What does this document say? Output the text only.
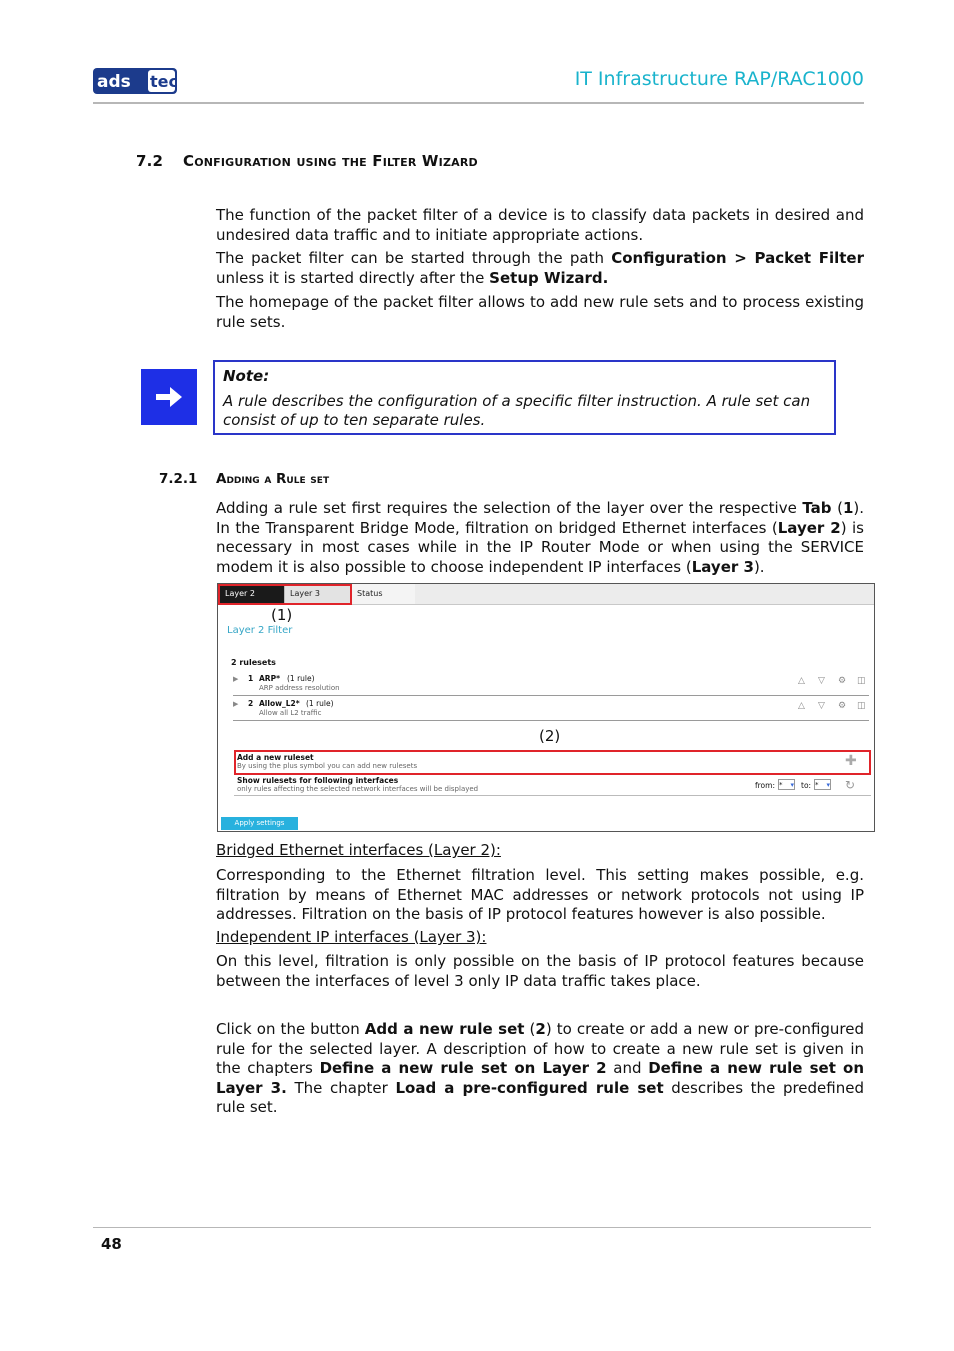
ads tec	IT Infrastructure RAP/RAC1000
7.2 Configuration using the Filter Wizard
The function of the packet filter of a device is to classify data packets in desired and undesired data traffic and to initiate appropriate actions.
The packet filter can be started through the path Configuration > Packet Filter unless it is started directly after the Setup Wizard.
The homepage of the packet filter allows to add new rule sets and to process existing rule sets.
Note:
A rule describes the configuration of a specific filter instruction. A rule set can consist of up to ten separate rules.
7.2.1 Adding a Rule set
Adding a rule set first requires the selection of the layer over the respective Tab (1). In the Transparent Bridge Mode, filtration on bridged Ethernet interfaces (Layer 2) is necessary in most cases while in the IP Router Mode or when using the SERVICE modem it is also possible to choose independent IP interfaces (Layer 3).
Layer 2	Layer 3	Status
(1)
Layer 2 Filter
2 rulesets
▶ 1 ARP* (1 rule)
ARP address resolution
△ ▽ ⚙ ◫
▶ 2 Allow_L2* (1 rule)
Allow all L2 traffic
△ ▽ ⚙ ◫
(2)
Add a new ruleset
By using the plus symbol you can add new rulesets	✚
Show rulesets for following interfaces
only rules affecting the selected network interfaces will be displayed	from: * ▾ to: * ▾ ↻
Apply settings
Bridged Ethernet interfaces (Layer 2):
Corresponding to the Ethernet filtration level. This setting makes possible, e.g. filtration by means of Ethernet MAC addresses or network protocols not using IP addresses. Filtration on the basis of IP protocol features however is also possible.
Independent IP interfaces (Layer 3):
On this level, filtration is only possible on the basis of IP protocol features because between the interfaces of level 3 only IP data traffic takes place.
Click on the button Add a new rule set (2) to create or add a new or pre-configured rule for the selected layer. A description of how to create a new rule set is given in the chapters Define a new rule set on Layer 2 and Define a new rule set on Layer 3. The chapter Load a pre-configured rule set describes the predefined rule set.
48
